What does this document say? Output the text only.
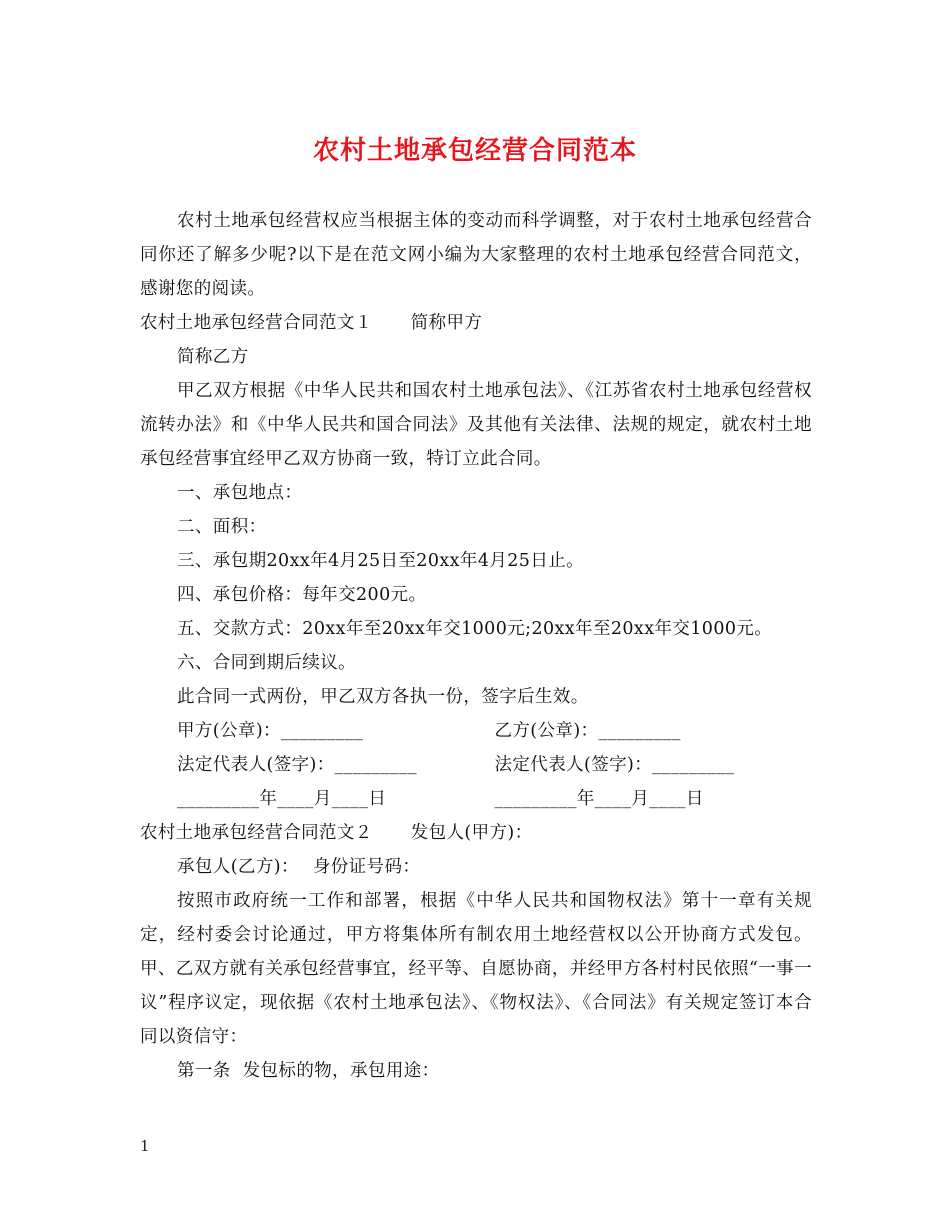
农村土地承包经营合同范本

农村土地承包经营权应当根据主体的变动而科学调整，对于农村土地承包经营合同你还了解多少呢?以下是在范文网小编为大家整理的农村土地承包经营合同范文，感谢您的阅读。

农村土地承包经营合同范文１ 简称甲方

简称乙方

甲乙双方根据《中华人民共和国农村土地承包法》、《江苏省农村土地承包经营权流转办法》和《中华人民共和国合同法》及其他有关法律、法规的规定，就农村土地承包经营事宜经甲乙双方协商一致，特订立此合同。

一、承包地点：

二、面积：

三、承包期20xx年4月25日至20xx年4月25日止。

四、承包价格：每年交200元。

五、交款方式：20xx年至20xx年交1000元;20xx年至20xx年交1000元。

六、合同到期后续议。

此合同一式两份，甲乙双方各执一份，签字后生效。

甲方(公章)：_________	乙方(公章)：_________
法定代表人(签字)：_________	法定代表人(签字)：_________
_________年____月____日	_________年____月____日

农村土地承包经营合同范文２ 发包人(甲方)：

承包人(乙方)： 身份证号码：

按照市政府统一工作和部署，根据《中华人民共和国物权法》第十一章有关规定，经村委会讨论通过，甲方将集体所有制农用土地经营权以公开协商方式发包。甲、乙双方就有关承包经营事宜，经平等、自愿协商，并经甲方各村村民依照“一事一议”程序议定，现依据《农村土地承包法》、《物权法》、《合同法》有关规定签订本合同以资信守：

第一条  发包标的物，承包用途：

1
